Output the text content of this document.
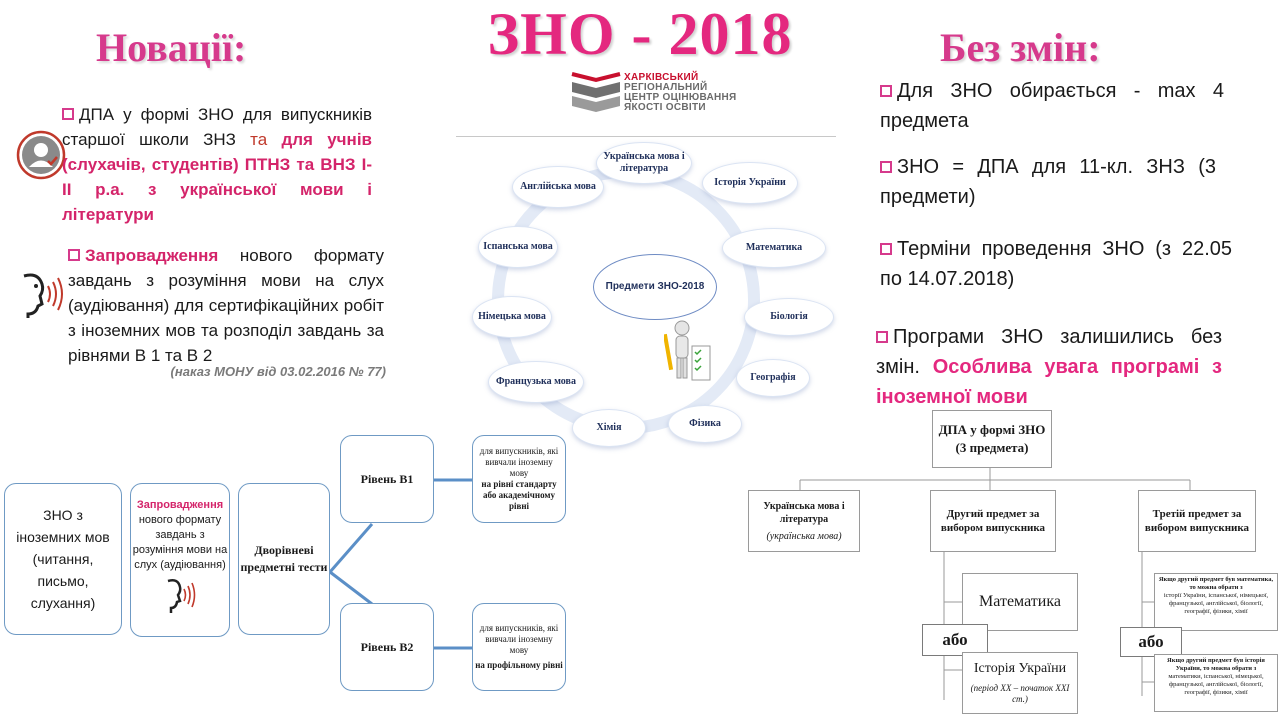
ЗНО - 2018
Новації:
ДПА у формі ЗНО для випускників старшої школи ЗНЗ та для учнів (слухачів, студентів) ПТНЗ та ВНЗ І-ІІ р.а. з української мови і літератури
Запровадження нового формату завдань з розуміння мови на слух (аудіювання) для сертифікаційних робіт з іноземних мов та розподіл завдань за рівнями В 1 та В 2
(наказ МОНУ від 03.02.2016 № 77)
ХАРКІВСЬКИЙ
РЕГІОНАЛЬНИЙ
ЦЕНТР ОЦІНЮВАННЯ
ЯКОСТІ ОСВІТИ
Предмети ЗНО-2018
Українська мова і література
Історія України
Математика
Біологія
Географія
Фізика
Хімія
Французька мова
Німецька мова
Іспанська мова
Англійська мова
Без змін:
Для ЗНО обирається - max 4 предмета
ЗНО = ДПА для 11-кл. ЗНЗ (3 предмети)
Терміни проведення ЗНО (з 22.05 по 14.07.2018)
Програми ЗНО залишились без змін. Особлива увага програмі з іноземної мови
ЗНО з іноземних мов (читання, письмо, слухання)
Запровадження
нового формату завдань з розуміння мови на слух (аудіювання)
Дворівневі предметні тести
Рівень В1
Рівень В2
для випускників, які вивчали іноземну мову
на рівні стандарту або академічному рівні
для випускників, які вивчали іноземну мову
на профільному рівні
ДПА у формі ЗНО (3 предмета)
Українська мова і література
(українська мова)
Другий предмет за вибором випускника
Третій предмет за вибором випускника
Математика
або
Історія України
(період ХХ – початок ХХІ ст.)
Якщо другий предмет був математика, то можна обрати з
історії України, іспанської, німецької, французької, англійської, біології, географії, фізики, хімії
або
Якщо другий предмет був історія України, то можна обрати з
математики, іспанської, німецької, французької, англійської, біології, географії, фізики, хімії
